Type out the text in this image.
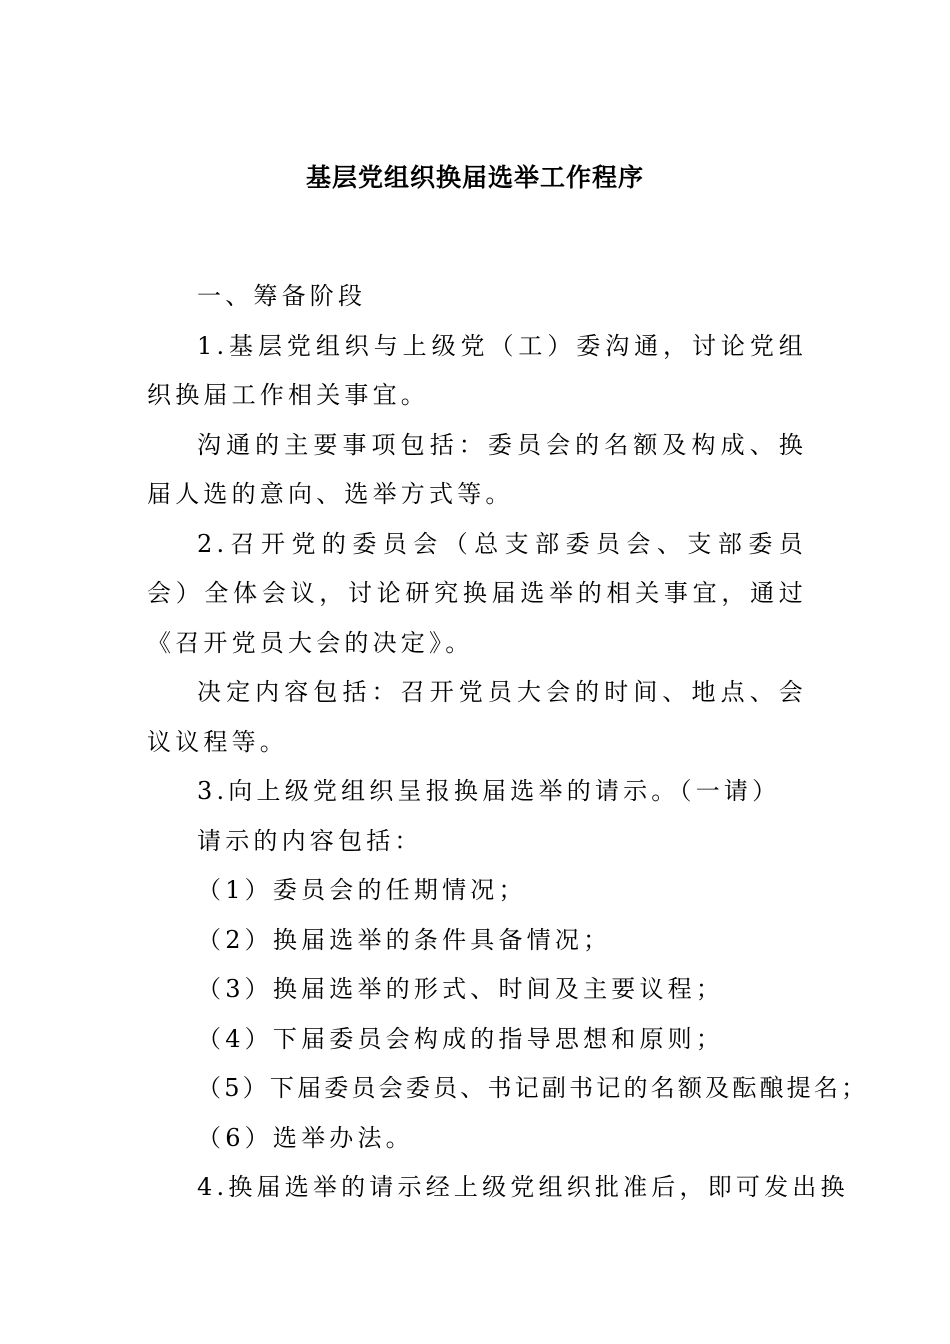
基层党组织换届选举工作程序

一、筹备阶段

1.基层党组织与上级党（工）委沟通，讨论党组织换届工作相关事宜。

沟通的主要事项包括：委员会的名额及构成、换届人选的意向、选举方式等。

2.召开党的委员会（总支部委员会、支部委员会）全体会议，讨论研究换届选举的相关事宜，通过《召开党员大会的决定》。

决定内容包括：召开党员大会的时间、地点、会议议程等。

3.向上级党组织呈报换届选举的请示。（一请）

请示的内容包括：

（1）委员会的任期情况；

（2）换届选举的条件具备情况；

（3）换届选举的形式、时间及主要议程；

（4）下届委员会构成的指导思想和原则；

（5）下届委员会委员、书记副书记的名额及酝酿提名；

（6）选举办法。

4.换届选举的请示经上级党组织批准后，即可发出换
